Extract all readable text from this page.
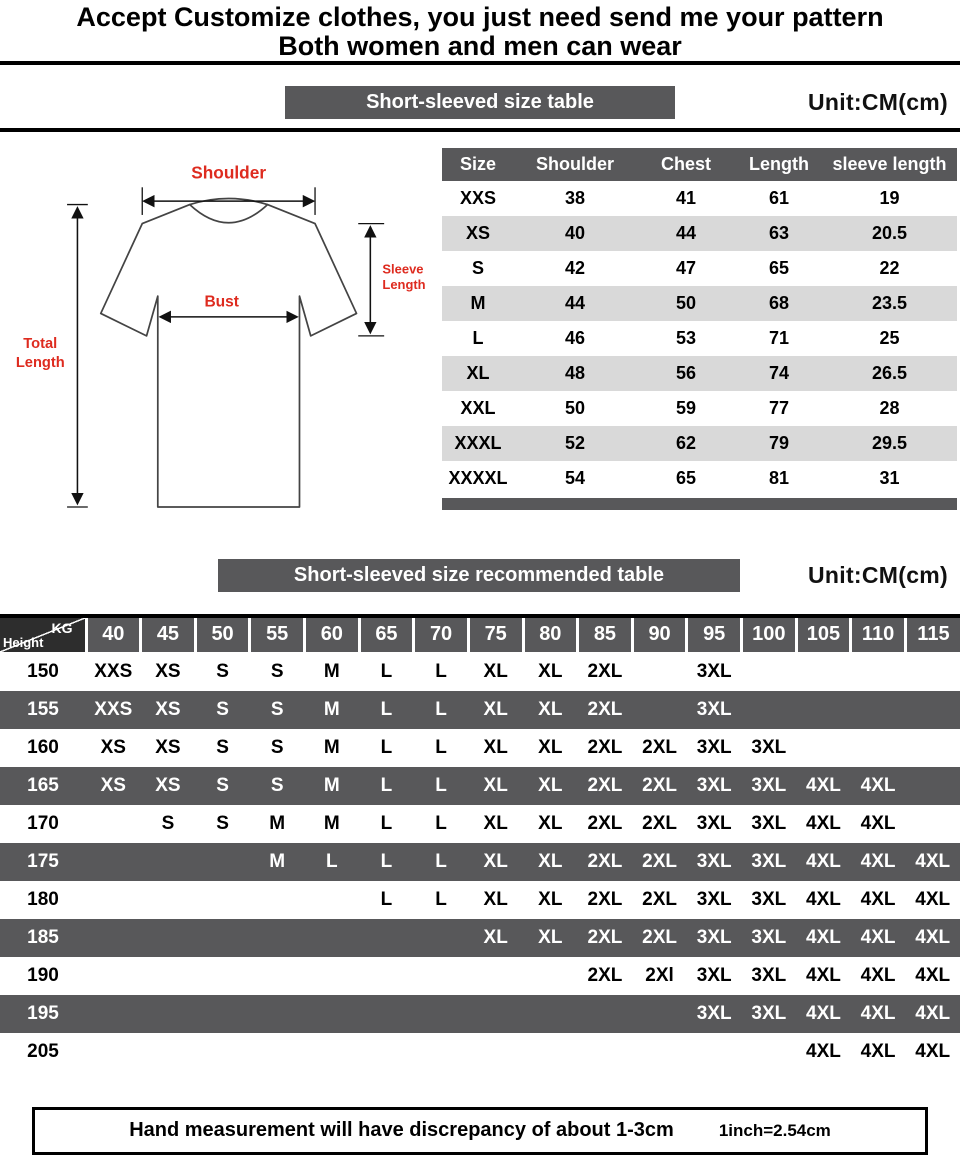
Accept Customize clothes, you just need send me your pattern
Both women and men can wear
Short-sleeved size table	Unit:CM(cm)
Shoulder
Bust
Sleeve
Length
Total
Length
Size	Shoulder	Chest	Length	sleeve length
XXS	38	41	61	19
XS	40	44	63	20.5
S	42	47	65	22
M	44	50	68	23.5
L	46	53	71	25
XL	48	56	74	26.5
XXL	50	59	77	28
XXXL	52	62	79	29.5
XXXXL	54	65	81	31
Short-sleeved size recommended table	Unit:CM(cm)
KG
Height	40	45	50	55	60	65	70	75	80	85	90	95	100	105	110	115
150	XXS	XS	S	S	M	L	L	XL	XL	2XL		3XL				
155	XXS	XS	S	S	M	L	L	XL	XL	2XL		3XL				
160	XS	XS	S	S	M	L	L	XL	XL	2XL	2XL	3XL	3XL			
165	XS	XS	S	S	M	L	L	XL	XL	2XL	2XL	3XL	3XL	4XL	4XL	
170		S	S	M	M	L	L	XL	XL	2XL	2XL	3XL	3XL	4XL	4XL	
175				M	L	L	L	XL	XL	2XL	2XL	3XL	3XL	4XL	4XL	4XL
180						L	L	XL	XL	2XL	2XL	3XL	3XL	4XL	4XL	4XL
185								XL	XL	2XL	2XL	3XL	3XL	4XL	4XL	4XL
190										2XL	2Xl	3XL	3XL	4XL	4XL	4XL
195												3XL	3XL	4XL	4XL	4XL
205														4XL	4XL	4XL
Hand measurement will have discrepancy of about 1-3cm	1inch=2.54cm
